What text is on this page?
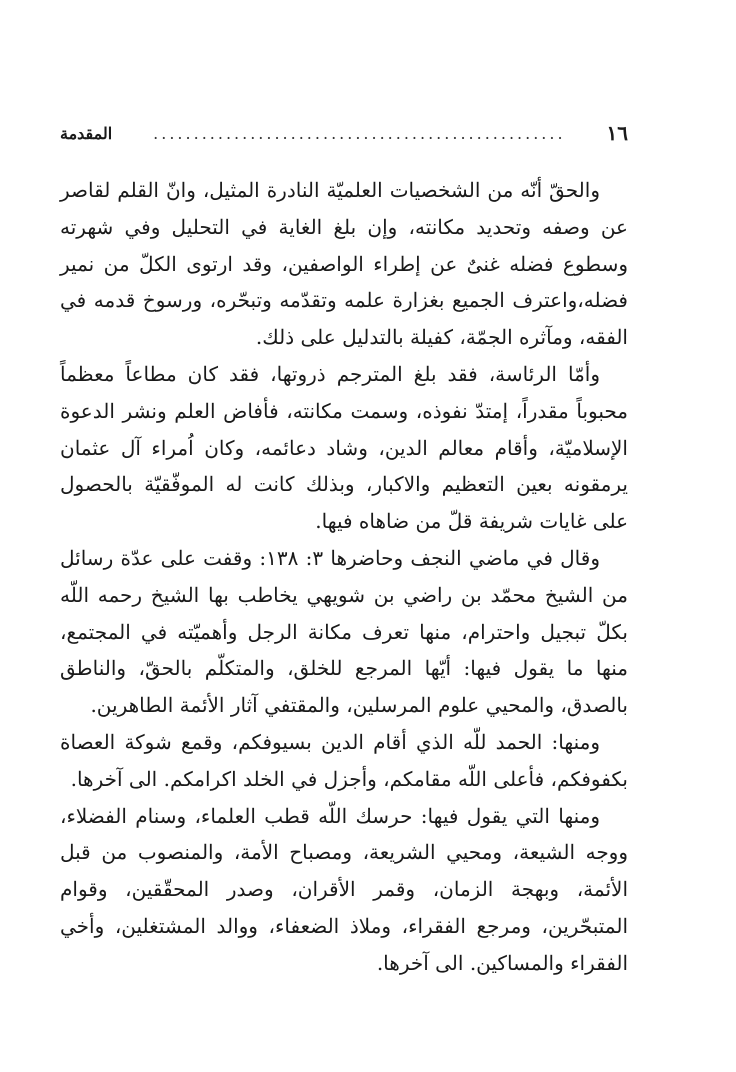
١٦
...................................................
المقدمة

والحقّ أنّه من الشخصيات العلميّة النادرة المثيل، وانّ القلم لقاصر عن وصفه وتحديد مكانته، وإن بلغ الغاية في التحليل وفي شهرته وسطوع فضله غنىٌ عن إطراء الواصفين، وقد ارتوى الكلّ من نمير فضله،واعترف الجميع بغزارة علمه وتقدّمه وتبحّره، ورسوخ قدمه في الفقه، ومآثره الجمّة، كفيلة بالتدليل على ذلك.

وأمّا الرئاسة، فقد بلغ المترجم ذروتها، فقد كان مطاعاً معظماً محبوباً مقدراً، إمتدّ نفوذه، وسمت مكانته، فأفاض العلم ونشر الدعوة الإسلاميّة، وأقام معالم الدين، وشاد دعائمه، وكان اُمراء آل عثمان يرمقونه بعين التعظيم والاكبار، وبذلك كانت له الموفّقيّة بالحصول على غايات شريفة قلّ من ضاهاه فيها.

وقال في ماضي النجف وحاضرها ٣: ١٣٨: وقفت على عدّة رسائل من الشيخ محمّد بن راضي بن شويهي يخاطب بها الشيخ رحمه اللّه بكلّ تبجيل واحترام، منها تعرف مكانة الرجل وأهميّته في المجتمع، منها ما يقول فيها: أيّها المرجع للخلق، والمتكلّم بالحقّ، والناطق بالصدق، والمحيي علوم المرسلين، والمقتفي آثار الأئمة الطاهرين.

ومنها: الحمد للّه الذي أقام الدين بسيوفكم، وقمع شوكة العصاة بكفوفكم، فأعلى اللّه مقامكم، وأجزل في الخلد اكرامكم. الى آخرها.

ومنها التي يقول فيها: حرسك اللّه قطب العلماء، وسنام الفضلاء، ووجه الشيعة، ومحيي الشريعة، ومصباح الأمة، والمنصوب من قبل الأئمة، وبهجة الزمان، وقمر الأقران، وصدر المحقّقين، وقوام المتبحّرين، ومرجع الفقراء، وملاذ الضعفاء، ووالد المشتغلين، وأخي الفقراء والمساكين. الى آخرها.
